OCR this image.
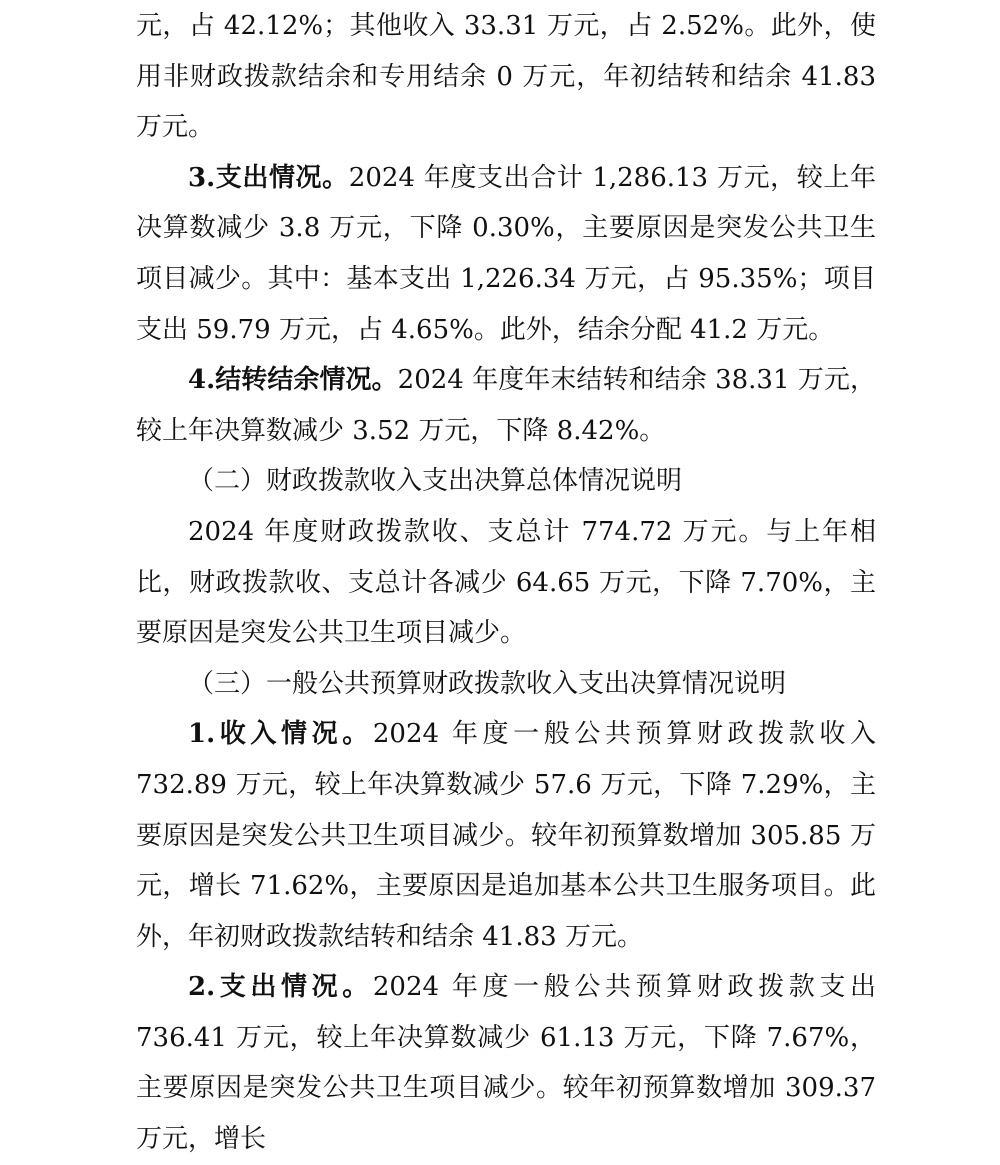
元，占 42.12%；其他收入 33.31 万元，占 2.52%。此外，使用非财政拨款结余和专用结余 0 万元，年初结转和结余 41.83 万元。

3.支出情况。2024 年度支出合计 1,286.13 万元，较上年决算数减少 3.8 万元，下降 0.30%，主要原因是突发公共卫生项目减少。其中：基本支出 1,226.34 万元，占 95.35%；项目支出 59.79 万元，占 4.65%。此外，结余分配 41.2 万元。

4.结转结余情况。2024 年度年末结转和结余 38.31 万元，较上年决算数减少 3.52 万元，下降 8.42%。

（二）财政拨款收入支出决算总体情况说明

2024 年度财政拨款收、支总计 774.72 万元。与上年相比，财政拨款收、支总计各减少 64.65 万元，下降 7.70%，主要原因是突发公共卫生项目减少。

（三）一般公共预算财政拨款收入支出决算情况说明

1.收入情况。2024 年度一般公共预算财政拨款收入 732.89 万元，较上年决算数减少 57.6 万元，下降 7.29%，主要原因是突发公共卫生项目减少。较年初预算数增加 305.85 万元，增长 71.62%，主要原因是追加基本公共卫生服务项目。此外，年初财政拨款结转和结余 41.83 万元。

2.支出情况。2024 年度一般公共预算财政拨款支出 736.41 万元，较上年决算数减少 61.13 万元，下降 7.67%，主要原因是突发公共卫生项目减少。较年初预算数增加 309.37 万元，增长
